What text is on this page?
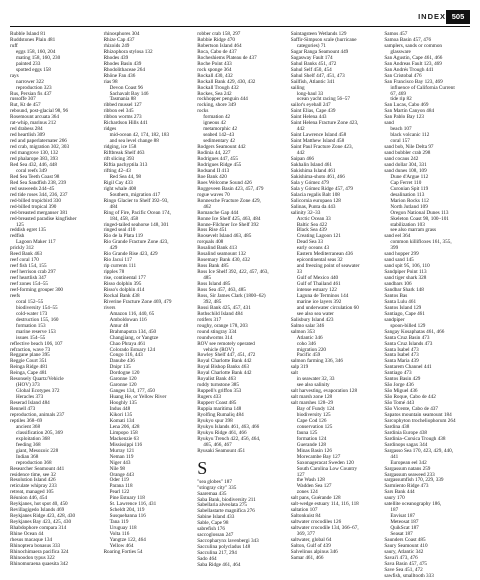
INDEX 505
Rubble Island 81
Ruddstones Plain 481
ruff
eggs 158, 160, 204
mating 158, 160, 230
painted 233
spotted eggs 158
rays
narrower 322
reproduction 323
Rus, Persian fis 437
russoffe 307
Rut, Kt de 457
rebound, post-glacial 98, 96
Rosemount arcuata 364
rat-whip, marinus 212
red drabess 284
red heartlish 309
red and paperlaternater 266
red crab, migration 302, 303
red mangrove 130, 132
red phalarope 383, 393
Red Sea 432, 446, 448
coral reefs 349
Red Sea Teeth Coast 98
Red Sea Sandfish 238, 239
red seaweeds 244–45
red tide roses 344, 236, 237
red-billed tropicbird 330
red-billed tropical 390
red-breasted merganser 381
red-breasted paradise kingfisher
125
reddish egret 135
redfish
Lagoon Maker 117
prickly 312
Reed Bank 463
reef coral 170
reef fish 154, 155
reef herrison crab 297
reef heartlish 347
reef zones 154–55
reef-forming grouper 300
reefs
coral 152–55
biodiversity 154–55
cold-water 173
destruction 155, 160
formation 153
marine reserve 153
issues 154–55
reflective beach 106, 107
refraction, wave 73
Reggane plane 395
Reggie Court 351
Reinga Ridge 481
Reinga, Cape 481
Resonsely Quartz/Vehicle
(HOV) 373
Global Ecotypes 372
Heracles 373
Reserad Island 484
Rennell 473
reproduction, animals 237
reptiles 368–69
ancient 368
classification 205, 369
exploitation 368
feeding 368
giant, Mesozoic 228
Indian 368
reproduction 368
Researcher Seamount 441
residence time, see 32
Resolution Island 426
reticulate whipray 233
retreat, managed 105
Réunion 446, 454
Reykjanes, hot spot 40, 450
Revillagigedo Islands 469
Reykjanes Ridge 423, 428, 430
Reykjanes Bay 423, 425, 430
Rhabdophore compara 314
Rhine Ocean 44
rhesus macaque 134
Rhinoptera bonasus 333
Rhinochimaera pacifica 324
Rhinoodon typus 322
Rhinomuraena quaesita 342
rhinosphores 304
Rhize Cap 437
rhizoids 249
Rhizophora stylosa 132
Rhodes 439
Rhodes Basin 439
Rhodolithaceae 264
Rhône Fan 436
rias 98
Devon Coast 96
Sachavalt Bay 146
Tasmania 88
ribbed mussel 127
ribbon eel 345
ribbon worms 273
Richardson Hills 441
ridges
mid-ocean 42, 174, 182, 183
and sea level change 88
ridging, ice 158
Riftbreak Shelf 463
rift slicing 393
Riftia pachyptila 313
rifting 42–43
Red Sea 44, 98
Rigil Cay 433
right whale 408
Southern, migration 417
Ringo Glacier to Shelf 392–93,
484
Ring of Fire, Pacific Ocean 174,
184, 458, 458
ringed-tailed seahorse 148, 301
ringed seal 410
Rio de la Plata 119
Rio Grande Fracture Zone 423,
429
Rio Grande Rise 423, 429
Rio Jacuí 117
rip currents 111
ripples 78
rise, continental 177
Risso dolphin 395
Risso's dolphin 414
Rockal Bank 438
Riverine Fracture Zone 469, 479
rivers
Amazon 116, 440, 65
Amboldowan 116
Amur 48
Brahmaputra 134, 450
Changjiang, or Yangtze
Chao Phraya 461
Colorado Estuary 124
Congo 116, 443
Danube 436
Dnipr 135
Dordogne 120
Garonne 120
Garonne 120
Ganges 134, 177, 450
Huang He, or Yellow River
Hooghly 135
Indus 448
Kikori 135
Komati 134
Lena 206, 428
Limpopo 158
Mackenzie 63
Mississippi 116
Murray 121
Neman 119
Niger 443
Nile 98
Orange 443
Oder 119
Parana 118
Pearl 122
Pine Estuary 118
St. Lawrence 116, 431
Scheldt 204, 119
Susquehanna 116
Tana 119
Uruguay 118
Volta 116
Yangtze 122, 464
Yellow 464
Roaring Forties 54
robber crab 158, 297
Robbie Ridge 470
Robertson Island 464
Roca, Cabo de 437
Rocheshiems Plateau de 437
Roche Point 433
rock sponge 364
Rockall 430, 432
Rockall Bank 429, 430, 432
Rockall Trough 432
Rockes, Sea 242
rockhopper penguin 444
rocking, shore 349
rocks
formation 42
igneous 42
metamorphic 42
seabed 142–43
sedimentary 42
Rodgers Seamount 442
Rodinia 44, 227
Rodrigues 447, 455
Rodrigues Ridge 455
Rodsand II 413
Roe Bank 420
Roes Welcome Sound 426
Roggeveen Basin 423, 457, 479
rogue waves 70
Ronnesche Fracture Zone 429,
462
Romanche Gap 444
Ronne Ice Shelf 425, 463, 484
Ronne-Filchner Ice Shelf 392
Ross Rise 451
Roosevelt Island 463, 485
rorquals 408
Rosalind Bank 413
Rosalind seamount 132
Rosemary Bank 430, 432
Ross Bank 485
Ross Ice Shelf 392, 422, 457, 463,
485
Ross Island 485
Ross Sea 457, 463, 485
Ross, Sir James Clark (1800–62)
392, 485
Rossi Bank 425, 457, 431
Rothschild Island 484
rotifers 317
roughy, orange 178, 203
round stingray 334
roundworms 314
ROV see remotely operated
vehicle (ROV)
Rowley Shelf 447, 451, 472
Royal Charlotte Bank 442
Royal Bishop Banks 463
Royal Charlotte Bank 442
Royalist Bank 463
ruddy turnstone 385
Ruppell's griffon 353
Rugers 433
Rupperr Coast 485
Ruppia maritima 148
Ryolfing Rumaliq 484
Ryukyo spur 398
Ryukyu Islands 461, 463, 466
Ryukyu Ridge 461, 466
Ryukyu Trench 422, 456, 464,
465, 466, 467
Ryusaki Seamount 451
S
"sea globes" 187
"stingray city" 335
Saaremaa 435
Saba Bank, biodiversity 211
Sabellaria alveolata 275
Sabellastarte magnifica 276
Sabine Island 433
Sable, Cape 98
sabrefish 176
saccoglossan 247
Saccopharynx lavenbergi 343
Sacculina polycladus 148
Sacculina 217, 294
Sado 464
Saba Ridge 461, 464
Saintagsteen Wetlands 129
Saffir-Simpson scale (hurricane
categories) 71
Sagar Ranga Seamount 449
Sagasway Fault 174
Sahul Banks 451, 472
Sahul Self 450, 454
Sahul Shelf 447, 451, 473
Sailfish, Atlantic 341
sailing
long-haul 33
ocean yacht racing 56–57
sailor's eyeball 247
Saint Elias, Cape 439
Saint Helena 443
Saint Helena Fracture Zone 423,
442
Saint Lawrence Island 458
Saint Matthew Island 458
Saint Paul Fracture Zone 423,
442
Saipan 466
Sakhalin Island 461
Sakishima Island 461
Sakishima-shoto 461, 466
Sala y Gómez 479
Sala y Gómez Ridge 457, 479
Salacia regalis Balt 108
Salicornia europaea 128
Salinas, Punta da 443
salinity 32–33
Arctic Ocean 33
Baltic Sea 422
Black Sea 439
Creating Lagoon 121
Dead Sea 33
early oceans 43
Eastern Mediterranean 436
epicontinental seas 32
and freezing point of seawater
33
Gulf of Mexico 440
Gulf of Thailand 461
intense estuary 122
Laguna de Terminos 144
marine ice layers 392
and underwater circulation 60
see also sea water
Salisbury Island 423
Salmo salar 346
salmon 353
Atlantic 346
coho 346
migration 220
Pacific 459
salmon farming 336, 346
salp 319
salt
in seawater 32, 33
see also salinity
salt harvesting, evaporation 128
salt marsh zone 128
salt marshes 128–29
Bay of Fundy 124
biodiversity 125
Cape Cod 126
conservation 125
fauna 125
formation 124
Guerande 128
Minas Basin 126
Morecambe Bay 127
Saxonageracat Sweden 120
South Carolina Low Country
127
the Wash 128
Wadden Sea 127
zones 124
salt pans, Guérande 128
salt-wedge estuary 114, 116, 118
saltation 107
Saltonkuist 84
saltwater crocodiles 126
saltwater crocodile 134, 366–67,
369, 377
saltwater, global 64
Salton, Gulf of 439
Salvelinus alpinus 346
Samar 461, 466
Samos 457
Samoa Basin 457, 476
samplers, sands or common
glassware
San Agustin, Cape 461, 466
San Andreas Fault 123, 469
San Andrés Trough 441
San Cristobal 476
San Francisco Bay 123, 469
influence of California Current
67, 469
tide rip 82
San Lucas, Cabo 469
San Martín Canyon 484
San Pablo Bay 123
sand
beach 107
black volcanic 112
coral 157
sand bob, Nile Delta 97
sand bubbler crab 298
sand cocaus 242
sand dollar 304, 331
sand dunes 108, 109
Dune d'Argue 112
Cap Ferret 110
Curonian Spit 119
desalination 113
Marion Rocks 112
North Jutland 109
Oregon National Dunes 113
Skeleton Coast 98, 100–101
stabilization 103
see also marram grass
sand eel 364
common killifloxes 161, 355,
399
sand hopper 299
sand sand 145
sand spit 95, 106, 110
Sandpiper Point 113
sand tiger shark 328
sandbars 106
Sandbar Shark 148
Santos Bas
Santa Lulu 461
Santos Island 129
Santiago, Cape 461
sandpiper
spoon-billed 129
Sangay Kosaphatas 461, 466
Santa Cruz Basin 473
Santa Cruz Islands 473
Santa Isabel 473
Santa Isabel 473
Santa Maria 439
Santarem Channel 441
Santiago 473
Santos Basin 429
São Jorge 436
São Miguel 436
São Roque, Cabo de 442
São Tomé 443
São Vicente, Cabo de 437
Sapatos mountain seamount 184
Sarcophyton trocheliophorum 264
Sardina 438
Sardinia Europe 438
Sardinia–Corsica Trough 438
Sardinops sagax 344
Sargasso Sea 170, 423, 429, 440,
441
European eel 342
Sargassum natans 259
Sargassum seaweed 233
sargassumfish 170, 229, 339
Sarmiento Ridge 473
Sars Bank 444
saury 170
satellite oceanography 186,
187
Envisat 187
Meteosat 187
QuikScat 187
Seasat 187
Saunders Coast 485
Saury Seamount 410
saury, Atlantic 342
Savai'i 473, 476
Sava Basin 457, 475
Save Sea 451, 472
sawfish, smalltooth 333
